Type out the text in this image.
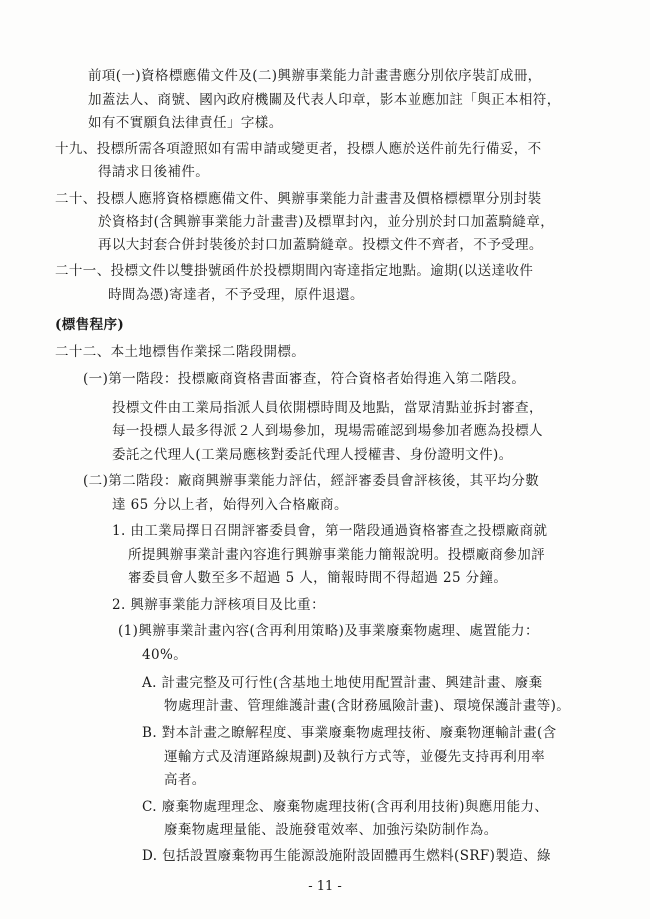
前項(一)資格標應備文件及(二)興辦事業能力計畫書應分別依序裝訂成冊，
加蓋法人、商號、國內政府機關及代表人印章，影本並應加註「與正本相符，
如有不實願負法律責任」字樣。
十九、投標所需各項證照如有需申請或變更者，投標人應於送件前先行備妥，不
得請求日後補件。
二十、投標人應將資格標應備文件、興辦事業能力計畫書及價格標標單分別封裝
於資格封(含興辦事業能力計畫書)及標單封內，並分別於封口加蓋騎縫章，
再以大封套合併封裝後於封口加蓋騎縫章。投標文件不齊者，不予受理。
二十一、投標文件以雙掛號函件於投標期間內寄達指定地點。逾期(以送達收件
時間為憑)寄達者，不予受理，原件退還。
(標售程序)
二十二、本土地標售作業採二階段開標。
(一)第一階段：投標廠商資格書面審查，符合資格者始得進入第二階段。
投標文件由工業局指派人員依開標時間及地點，當眾清點並拆封審查，
每一投標人最多得派２人到場參加，現場需確認到場參加者應為投標人
委託之代理人(工業局應核對委託代理人授權書、身份證明文件)。
(二)第二階段：廠商興辦事業能力評估，經評審委員會評核後，其平均分數
達 65 分以上者，始得列入合格廠商。
1. 由工業局擇日召開評審委員會，第一階段通過資格審查之投標廠商就
所提興辦事業計畫內容進行興辦事業能力簡報說明。投標廠商參加評
審委員會人數至多不超過 5 人，簡報時間不得超過 25 分鐘。
2. 興辦事業能力評核項目及比重：
(1)興辦事業計畫內容(含再利用策略)及事業廢棄物處理、處置能力：
40%。
A. 計畫完整及可行性(含基地土地使用配置計畫、興建計畫、廢棄
物處理計畫、管理維護計畫(含財務風險計畫)、環境保護計畫等)。
B. 對本計畫之瞭解程度、事業廢棄物處理技術、廢棄物運輸計畫(含
運輸方式及清運路線規劃)及執行方式等，並優先支持再利用率
高者。
C. 廢棄物處理理念、廢棄物處理技術(含再利用技術)與應用能力、
廢棄物處理量能、設施發電效率、加強污染防制作為。
D. 包括設置廢棄物再生能源設施附設固體再生燃料(SRF)製造、綠
- 11 -
